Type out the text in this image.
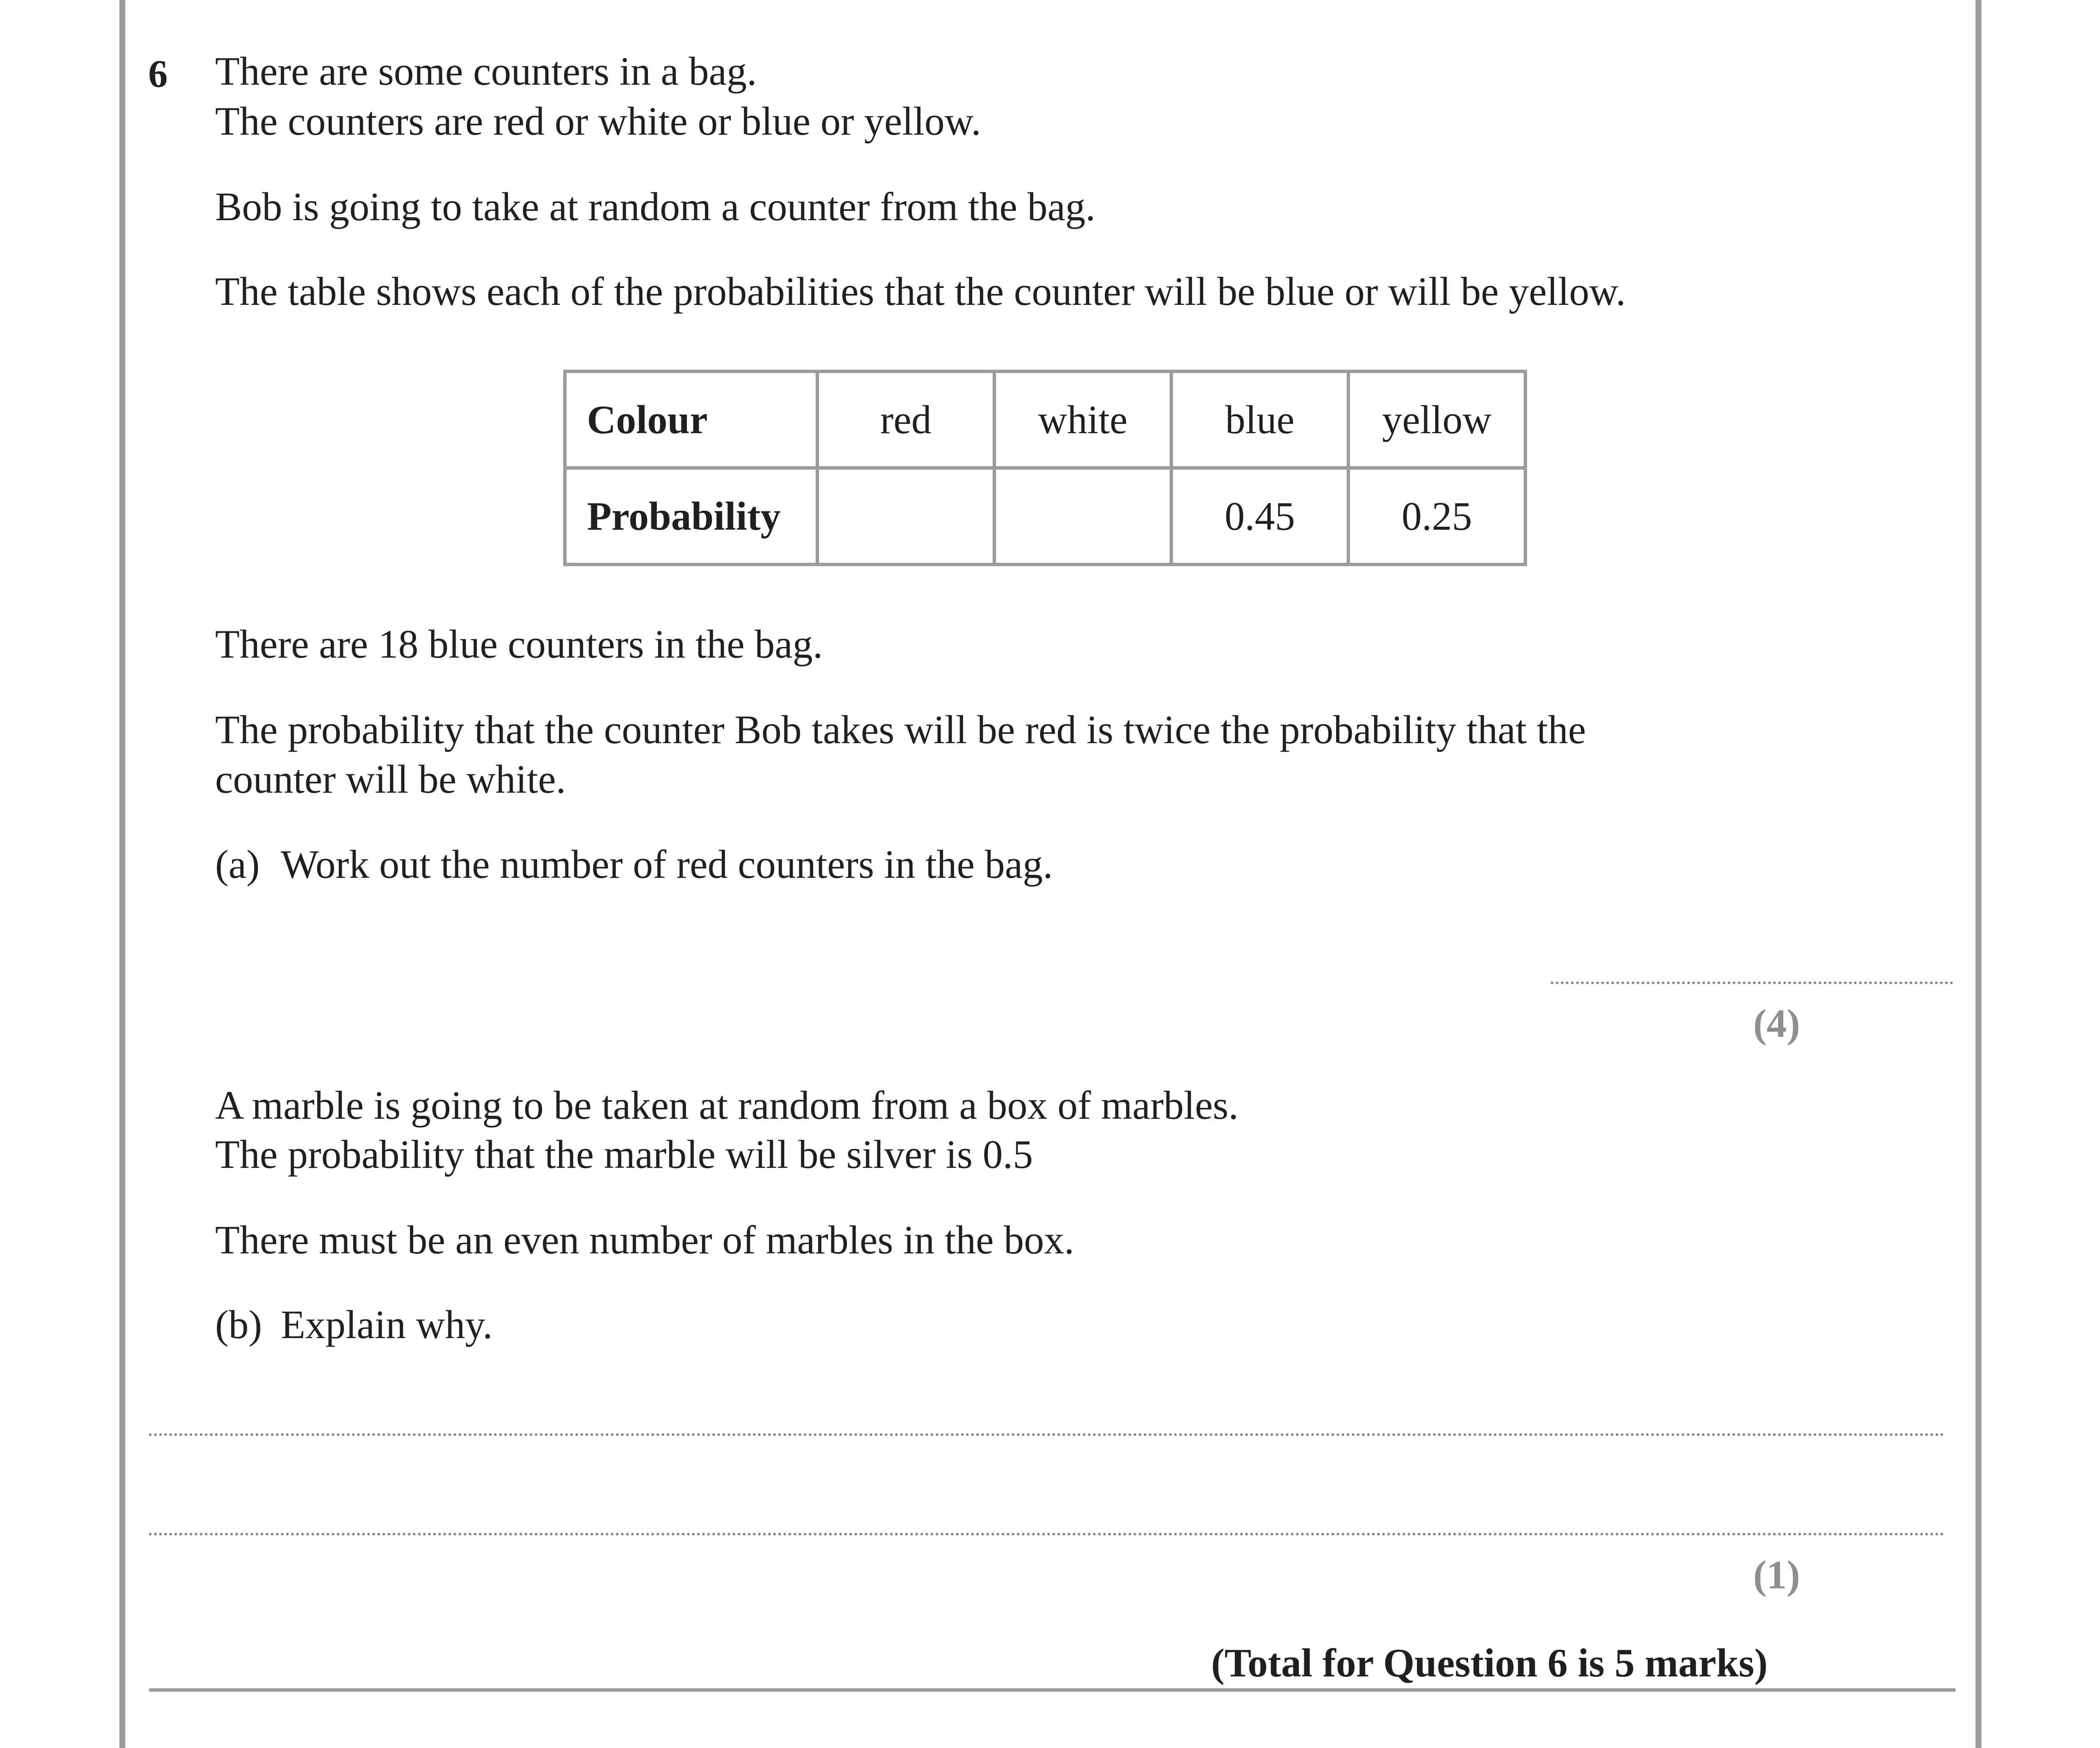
6 There are some counters in a bag.
The counters are red or white or blue or yellow.
Bob is going to take at random a counter from the bag.
The table shows each of the probabilities that the counter will be blue or will be yellow.
Colour	red	white	blue	yellow
Probability			0.45	0.25
There are 18 blue counters in the bag.
The probability that the counter Bob takes will be red is twice the probability that the
counter will be white.
(a) Work out the number of red counters in the bag.
(4)
A marble is going to be taken at random from a box of marbles.
The probability that the marble will be silver is 0.5
There must be an even number of marbles in the box.
(b) Explain why.
(1)
(Total for Question 6 is 5 marks)
